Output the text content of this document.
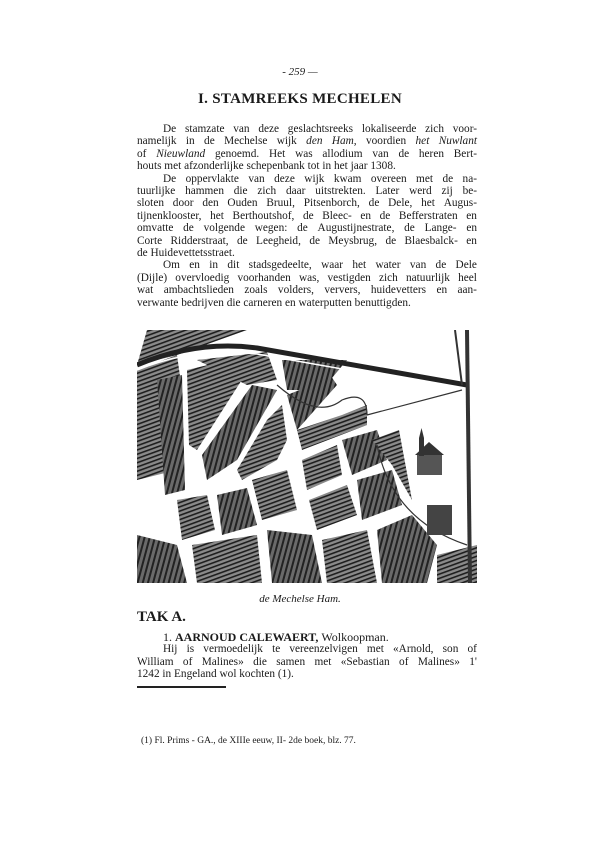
- 259 —
I. STAMREEKS MECHELEN
De stamzate van deze geslachtsreeks lokaliseerde zich voor-
namelijk in de Mechelse wijk den Ham, voordien het Nuwlant
of Nieuwland genoemd. Het was allodium van de heren Bert-
houts met afzonderlijke schepenbank tot in het jaar 1308.
De oppervlakte van deze wijk kwam overeen met de na-
tuurlijke hammen die zich daar uitstrekten. Later werd zij be-
sloten door den Ouden Bruul, Pitsenborch, de Dele, het Augus-
tijnenklooster, het Berthoutshof, de Bleec- en de Befferstraten en
omvatte de volgende wegen: de Augustijnestrate, de Lange- en
Corte Ridderstraat, de Leegheid, de Meysbrug, de Blaesbalck- en
de Huidevettetsstraet.
Om en in dit stadsgedeelte, waar het water van de Dele
(Dijle) overvloedig voorhanden was, vestigden zich natuurlijk heel
wat ambachtslieden zoals volders, ververs, huidevetters en aan-
verwante bedrijven die carneren en waterputten benuttigden.
de Mechelse Ham.
TAK A.
1.
AARNOUD CALEWAERT,
Wolkoopman.
Hij is vermoedelijk te vereenzelvigen met «Arnold, son of
William of Malines» die samen met «Sebastian of Malines» 1'
1242 in Engeland wol kochten (1).
(1) Fl. Prims - GA., de XIIIe eeuw, II- 2de boek, blz. 77.
